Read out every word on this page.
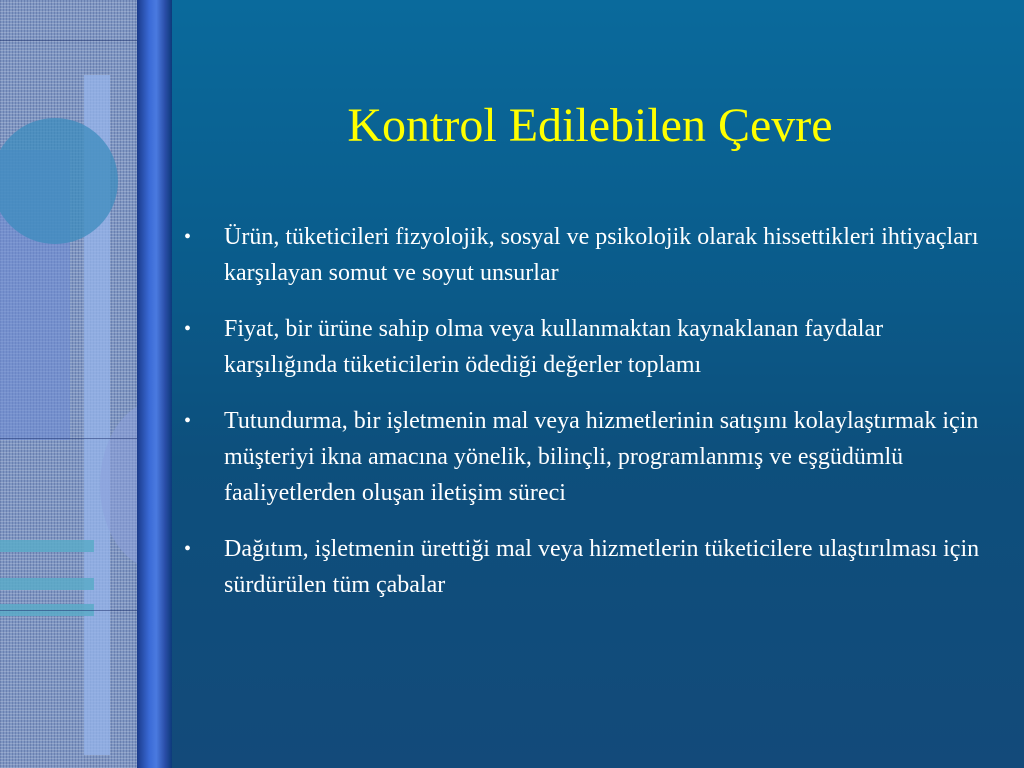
Kontrol Edilebilen Çevre
•	Ürün, tüketicileri fizyolojik, sosyal ve psikolojik olarak hissettikleri ihtiyaçları karşılayan somut ve soyut unsurlar
•	Fiyat, bir ürüne sahip olma veya kullanmaktan kaynaklanan faydalar karşılığında tüketicilerin ödediği değerler toplamı
•	Tutundurma, bir işletmenin mal veya hizmetlerinin satışını kolaylaştırmak için müşteriyi ikna amacına yönelik, bilinçli, programlanmış ve eşgüdümlü faaliyetlerden oluşan iletişim süreci
•	Dağıtım, işletmenin ürettiği mal veya hizmetlerin tüketicilere ulaştırılması için sürdürülen tüm çabalar
